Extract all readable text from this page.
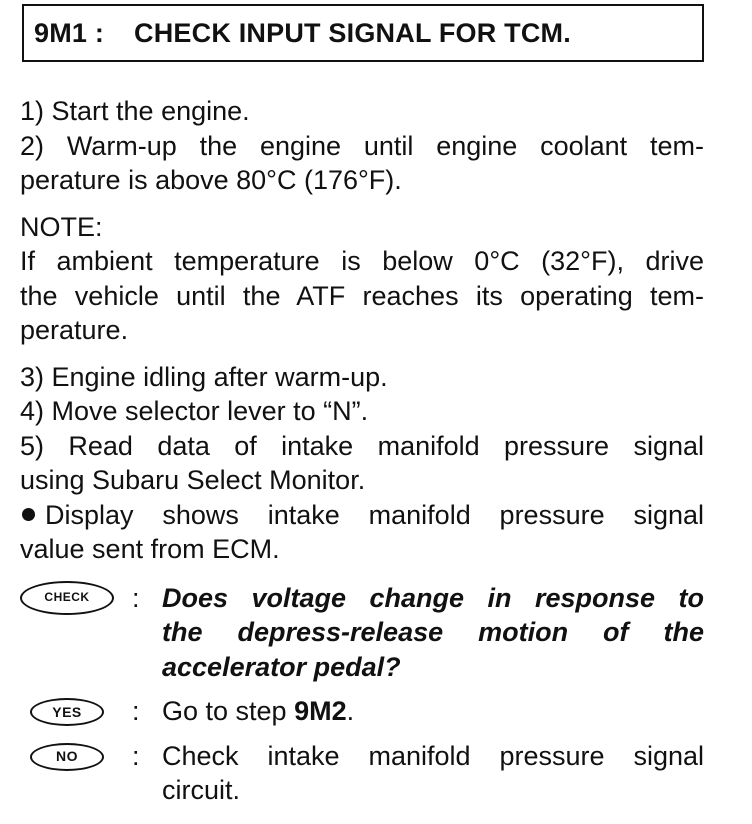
9M1 : CHECK INPUT SIGNAL FOR TCM.
1) Start the engine.
2) Warm-up the engine until engine coolant tem-
perature is above 80°C (176°F).
NOTE:
If ambient temperature is below 0°C (32°F), drive
the vehicle until the ATF reaches its operating tem-
perature.
3) Engine idling after warm-up.
4) Move selector lever to “N”.
5) Read data of intake manifold pressure signal
using Subaru Select Monitor.
Display shows intake manifold pressure signal
value sent from ECM.
CHECK	: Does voltage change in response to
the depress-release motion of the
accelerator pedal?
YES	: Go to step 9M2.
NO	: Check intake manifold pressure signal
circuit.
